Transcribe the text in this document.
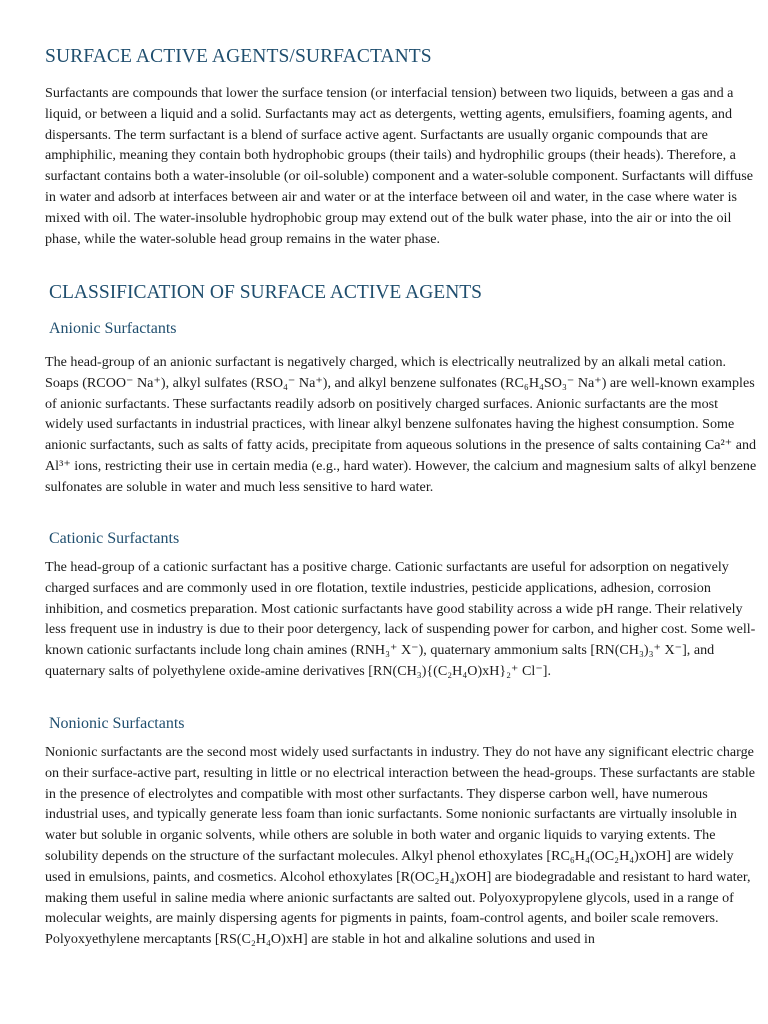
SURFACE ACTIVE AGENTS/SURFACTANTS

Surfactants are compounds that lower the surface tension (or interfacial tension) between two liquids, between a gas and a liquid, or between a liquid and a solid. Surfactants may act as detergents, wetting agents, emulsifiers, foaming agents, and dispersants. The term surfactant is a blend of surface active agent. Surfactants are usually organic compounds that are amphiphilic, meaning they contain both hydrophobic groups (their tails) and hydrophilic groups (their heads). Therefore, a surfactant contains both a water-insoluble (or oil-soluble) component and a water-soluble component. Surfactants will diffuse in water and adsorb at interfaces between air and water or at the interface between oil and water, in the case where water is mixed with oil. The water-insoluble hydrophobic group may extend out of the bulk water phase, into the air or into the oil phase, while the water-soluble head group remains in the water phase.

CLASSIFICATION OF SURFACE ACTIVE AGENTS
Anionic Surfactants

The head-group of an anionic surfactant is negatively charged, which is electrically neutralized by an alkali metal cation. Soaps (RCOO⁻ Na⁺), alkyl sulfates (RSO₄⁻ Na⁺), and alkyl benzene sulfonates (RC₆H₄SO₃⁻ Na⁺) are well-known examples of anionic surfactants. These surfactants readily adsorb on positively charged surfaces. Anionic surfactants are the most widely used surfactants in industrial practices, with linear alkyl benzene sulfonates having the highest consumption. Some anionic surfactants, such as salts of fatty acids, precipitate from aqueous solutions in the presence of salts containing Ca²⁺ and Al³⁺ ions, restricting their use in certain media (e.g., hard water). However, the calcium and magnesium salts of alkyl benzene sulfonates are soluble in water and much less sensitive to hard water.

Cationic Surfactants

The head-group of a cationic surfactant has a positive charge. Cationic surfactants are useful for adsorption on negatively charged surfaces and are commonly used in ore flotation, textile industries, pesticide applications, adhesion, corrosion inhibition, and cosmetics preparation. Most cationic surfactants have good stability across a wide pH range. Their relatively less frequent use in industry is due to their poor detergency, lack of suspending power for carbon, and higher cost. Some well-known cationic surfactants include long chain amines (RNH₃⁺ X⁻), quaternary ammonium salts [RN(CH₃)₃⁺ X⁻], and quaternary salts of polyethylene oxide-amine derivatives [RN(CH₃){(C₂H₄O)xH}₂⁺ Cl⁻].

Nonionic Surfactants

Nonionic surfactants are the second most widely used surfactants in industry. They do not have any significant electric charge on their surface-active part, resulting in little or no electrical interaction between the head-groups. These surfactants are stable in the presence of electrolytes and compatible with most other surfactants. They disperse carbon well, have numerous industrial uses, and typically generate less foam than ionic surfactants. Some nonionic surfactants are virtually insoluble in water but soluble in organic solvents, while others are soluble in both water and organic liquids to varying extents. The solubility depends on the structure of the surfactant molecules. Alkyl phenol ethoxylates [RC₆H₄(OC₂H₄)xOH] are widely used in emulsions, paints, and cosmetics. Alcohol ethoxylates [R(OC₂H₄)xOH] are biodegradable and resistant to hard water, making them useful in saline media where anionic surfactants are salted out. Polyoxypropylene glycols, used in a range of molecular weights, are mainly dispersing agents for pigments in paints, foam-control agents, and boiler scale removers. Polyoxyethylene mercaptants [RS(C₂H₄O)xH] are stable in hot and alkaline solutions and used in
